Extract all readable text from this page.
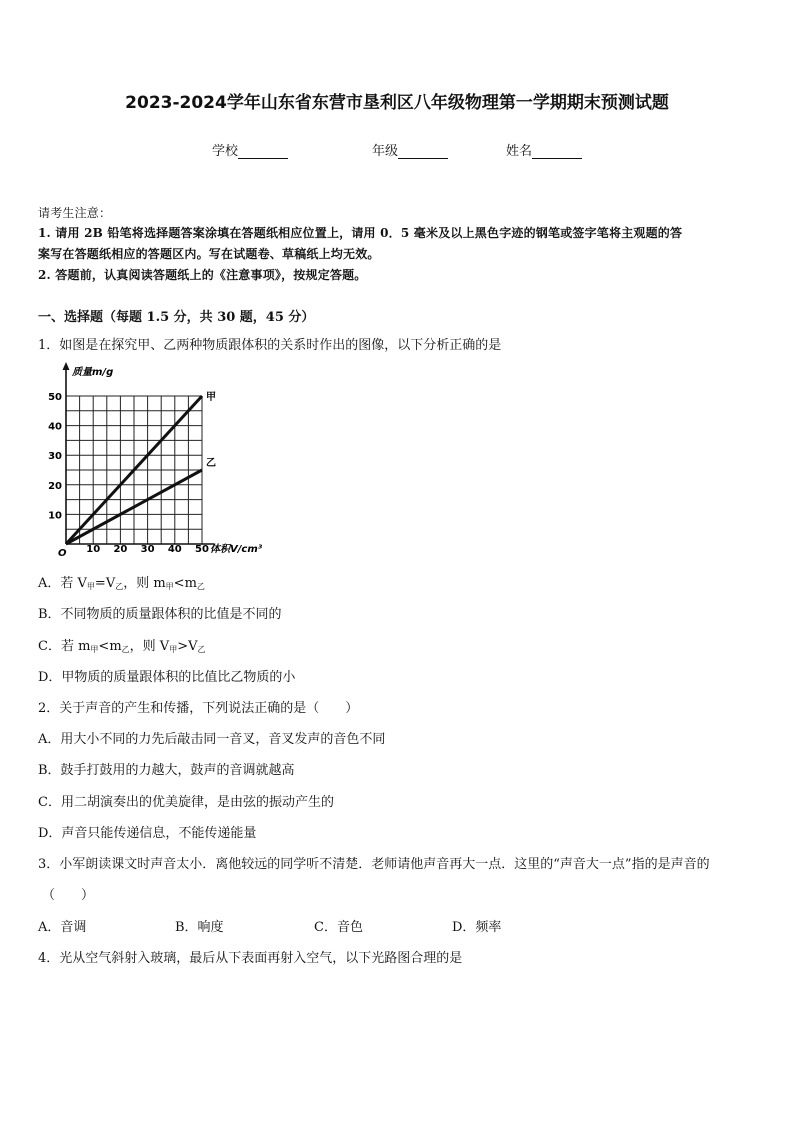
2023-2024学年山东省东营市垦利区八年级物理第一学期期末预测试题
学校	年级	姓名
请考生注意：
1. 请用 2B 铅笔将选择题答案涂填在答题纸相应位置上，请用 0．5 毫米及以上黑色字迹的钢笔或签字笔将主观题的答
案写在答题纸相应的答题区内。写在试题卷、草稿纸上均无效。
2. 答题前，认真阅读答题纸上的《注意事项》，按规定答题。
一、选择题（每题 1.5 分，共 30 题，45 分）
1．如图是在探究甲、乙两种物质跟体积的关系时作出的图像，以下分析正确的是
质量m/g
体积V/cm³
O 10 20 30 40 50
10
20
30
40
50	甲
乙
A．若 $V_甲=V_乙$，则 $m_甲<m_乙$
B．不同物质的质量跟体积的比值是不同的
C．若 $m_甲<m_乙$，则 $V_甲>V_乙$
D．甲物质的质量跟体积的比值比乙物质的小
2．关于声音的产生和传播，下列说法正确的是（　　）
A．用大小不同的力先后敲击同一音叉，音叉发声的音色不同
B．鼓手打鼓用的力越大，鼓声的音调就越高
C．用二胡演奏出的优美旋律，是由弦的振动产生的
D．声音只能传递信息，不能传递能量
3．小军朗读课文时声音太小．离他较远的同学听不清楚．老师请他声音再大一点．这里的“声音大一点”指的是声音的
（　　）
A．音调	B．响度	C．音色	D．频率
4．光从空气斜射入玻璃，最后从下表面再射入空气，以下光路图合理的是
